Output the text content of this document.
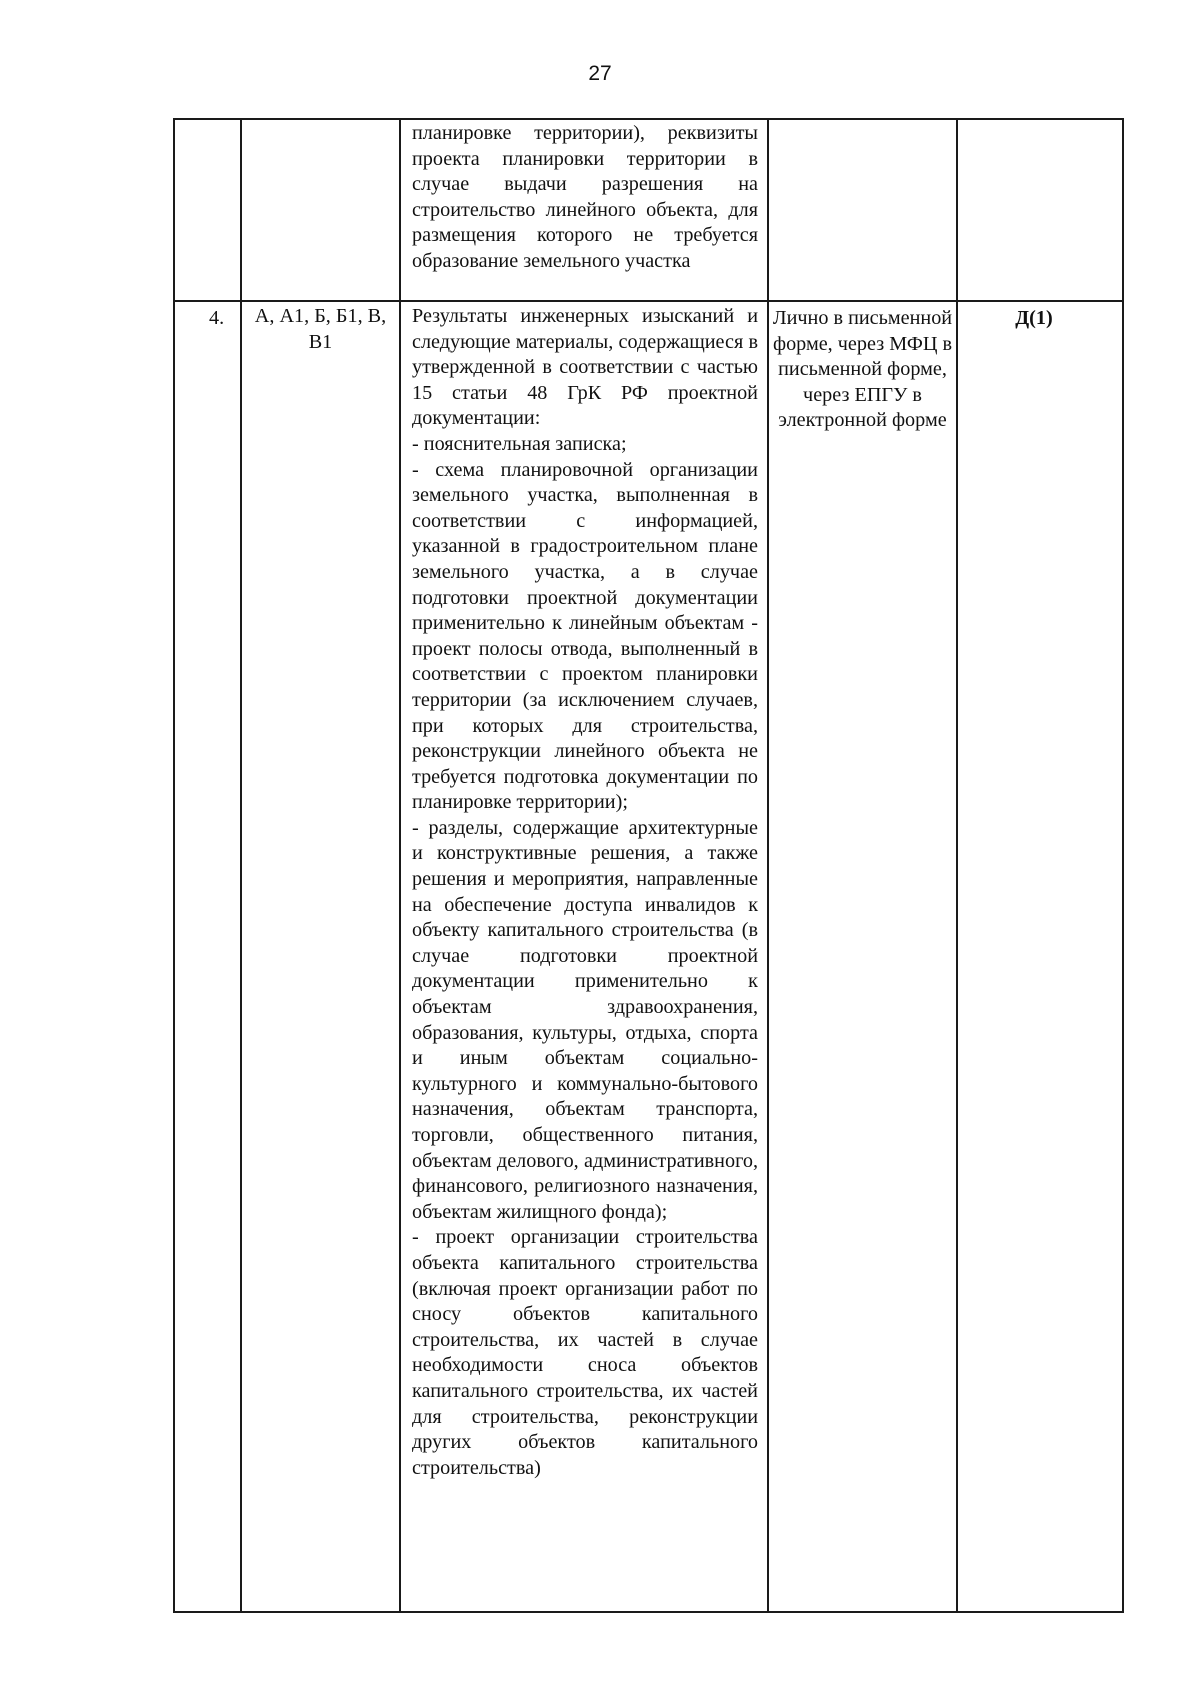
27

		планировке территории), реквизиты проекта планировки территории в случае выдачи разрешения на строительство линейного объекта, для размещения которого не требуется образование земельного участка		

4.	А, А1, Б, Б1, В, В1	Результаты инженерных изысканий и следующие материалы, содержащиеся в утвержденной в соответствии с частью 15 статьи 48 ГрК РФ проектной документации:
- пояснительная записка;
- схема планировочной организации земельного участка, выполненная в соответствии с информацией, указанной в градостроительном плане земельного участка, а в случае подготовки проектной документации применительно к линейным объектам - проект полосы отвода, выполненный в соответствии с проектом планировки территории (за исключением случаев, при которых для строительства, реконструкции линейного объекта не требуется подготовка документации по планировке территории);
- разделы, содержащие архитектурные и конструктивные решения, а также решения и мероприятия, направленные на обеспечение доступа инвалидов к объекту капитального строительства (в случае подготовки проектной документации применительно к объектам здравоохранения, образования, культуры, отдыха, спорта и иным объектам социально-культурного и коммунально-бытового назначения, объектам транспорта, торговли, общественного питания, объектам делового, административного, финансового, религиозного назначения, объектам жилищного фонда);
- проект организации строительства объекта капитального строительства (включая проект организации работ по сносу объектов капитального строительства, их частей в случае необходимости сноса объектов капитального строительства, их частей для строительства, реконструкции других объектов капитального строительства)	Лично в письменной форме, через МФЦ в письменной форме, через ЕПГУ в электронной форме	Д(1)
